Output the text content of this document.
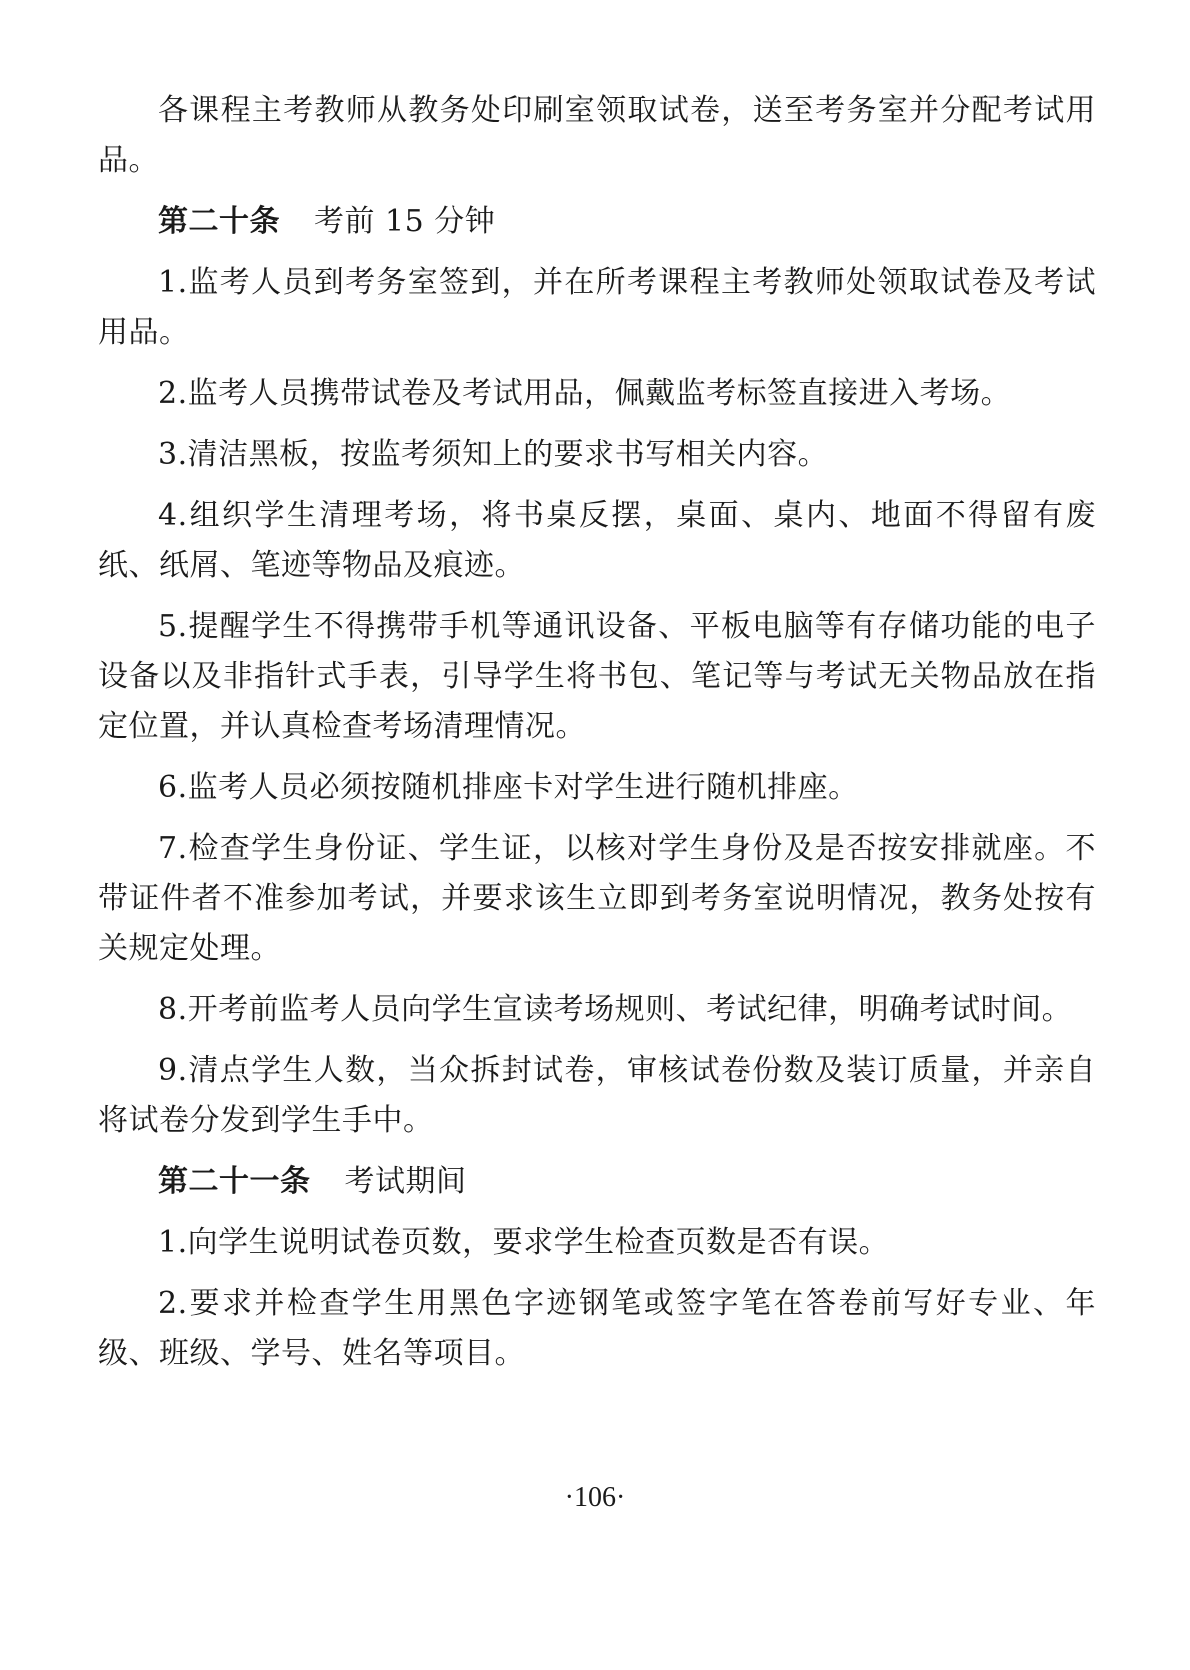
各课程主考教师从教务处印刷室领取试卷，送至考务室并分配考试用品。

第二十条 考前 15 分钟

1.监考人员到考务室签到，并在所考课程主考教师处领取试卷及考试用品。

2.监考人员携带试卷及考试用品，佩戴监考标签直接进入考场。

3.清洁黑板，按监考须知上的要求书写相关内容。

4.组织学生清理考场，将书桌反摆，桌面、桌内、地面不得留有废纸、纸屑、笔迹等物品及痕迹。

5.提醒学生不得携带手机等通讯设备、平板电脑等有存储功能的电子设备以及非指针式手表，引导学生将书包、笔记等与考试无关物品放在指定位置，并认真检查考场清理情况。

6.监考人员必须按随机排座卡对学生进行随机排座。

7.检查学生身份证、学生证，以核对学生身份及是否按安排就座。不带证件者不准参加考试，并要求该生立即到考务室说明情况，教务处按有关规定处理。

8.开考前监考人员向学生宣读考场规则、考试纪律，明确考试时间。

9.清点学生人数，当众拆封试卷，审核试卷份数及装订质量，并亲自将试卷分发到学生手中。

第二十一条 考试期间

1.向学生说明试卷页数，要求学生检查页数是否有误。

2.要求并检查学生用黑色字迹钢笔或签字笔在答卷前写好专业、年级、班级、学号、姓名等项目。

·106·
